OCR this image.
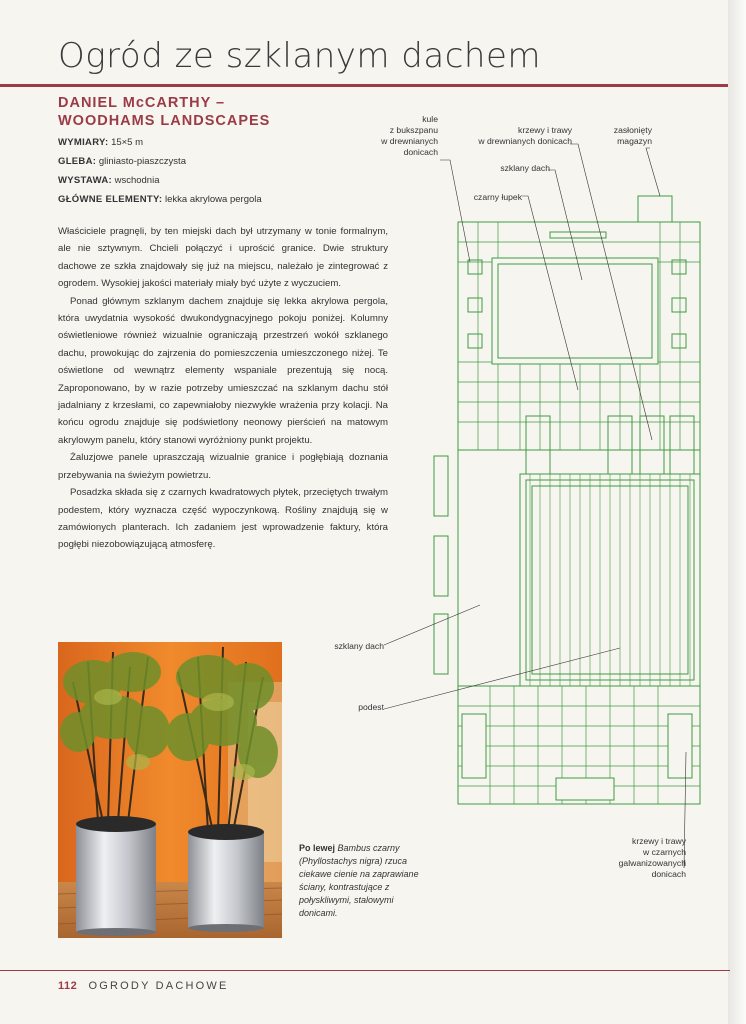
Ogród ze szklanym dachem
DANIEL McCARTHY –
WOODHAMS LANDSCAPES
WYMIARY: 15×5 m
GLEBA: gliniasto-piaszczysta
WYSTAWA: wschodnia
GŁÓWNE ELEMENTY: lekka akrylowa pergola

Właściciele pragnęli, by ten miejski dach był utrzymany w tonie formalnym, ale nie sztywnym. Chcieli połączyć i uprościć granice. Dwie struktury dachowe ze szkła znajdowały się już na miejscu, należało je zintegrować z ogrodem. Wysokiej jakości materiały miały być użyte z wyczuciem.

Ponad głównym szklanym dachem znajduje się lekka akrylowa pergola, która uwydatnia wysokość dwukondygnacyjnego pokoju poniżej. Kolumny oświetleniowe również wizualnie ograniczają przestrzeń wokół szklanego dachu, prowokując do zajrzenia do pomieszczenia umieszczonego niżej. Te oświetlone od wewnątrz elementy wspaniale prezentują się nocą. Zaproponowano, by w razie potrzeby umieszczać na szklanym dachu stół jadalniany z krzesłami, co zapewniałoby niezwykłe wrażenia przy kolacji. Na końcu ogrodu znajduje się podświetlony neonowy pierścień na matowym akrylowym panelu, który stanowi wyróżniony punkt projektu.

Żaluzjowe panele upraszczają wizualnie granice i pogłębiają doznania przebywania na świeżym powietrzu.

Posadzka składa się z czarnych kwadratowych płytek, przeciętych trwałym podestem, który wyznacza część wypoczynkową. Rośliny znajdują się w zamówionych planterach. Ich zadaniem jest wprowadzenie faktury, która pogłębi niezobowiązującą atmosferę.

Po lewej Bambus czarny (Phyllostachys nigra) rzuca ciekawe cienie na zaprawiane ściany, kontrastujące z połyskliwymi, stalowymi donicami.
kule
z bukszpanu
w drewnianych
donicach
krzewy i trawy
w drewnianych donicach
zasłonięty
magazyn
szklany dach
czarny łupek
szklany dach
podest
krzewy i trawy
w czarnych
galwanizowanych
donicach
112 OGRODY DACHOWE
